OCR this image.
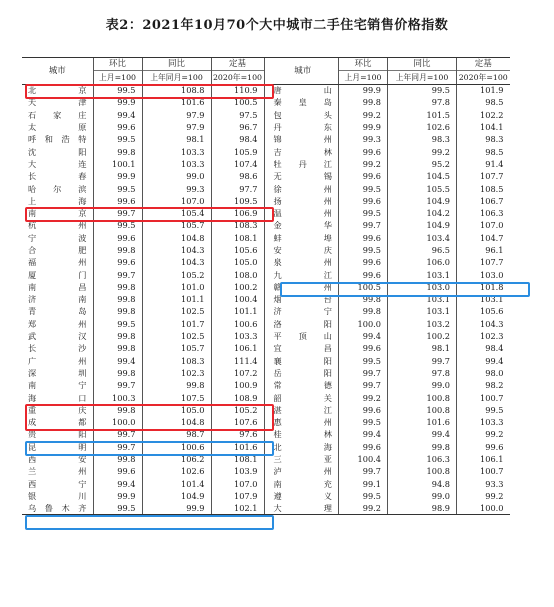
表2：2021年10月70个大中城市二手住宅销售价格指数
城市	环比	同比	定基		城市	环比	同比	定基
	上月=100	上年同月=100	2020年=100			上月=100	上年同月=100	2020年=100
北　京	99.5	108.8	110.9		唐　山	99.9	99.5	101.9
天　津	99.9	101.6	100.5		秦皇岛	99.8	97.8	98.5
石家庄	99.4	97.9	97.5		包　头	99.2	101.5	102.2
太　原	99.6	97.9	96.7		丹　东	99.9	102.6	104.1
呼和浩特	99.5	98.1	98.4		锦　州	99.3	98.3	98.3
沈　阳	99.8	103.3	105.9		吉　林	99.6	99.2	98.5
大　连	100.1	103.3	107.4		牡丹江	99.2	95.2	91.4
长　春	99.9	99.0	98.6		无　锡	99.6	104.5	107.7
哈尔滨	99.5	99.3	97.7		徐　州	99.5	105.5	108.5
上　海	99.6	107.0	109.5		扬　州	99.6	104.9	106.7
南　京	99.7	105.4	106.9		温　州	99.5	104.2	106.3
杭　州	99.5	105.7	108.3		金　华	99.7	104.9	107.0
宁　波	99.6	104.8	108.1		蚌　埠	99.6	103.4	104.7
合　肥	99.8	104.3	105.6		安　庆	99.5	96.5	96.1
福　州	99.6	104.3	105.0		泉　州	99.6	106.0	107.7
厦　门	99.7	105.2	108.0		九　江	99.6	103.1	103.0
南　昌	99.8	101.0	100.2		赣　州	100.5	103.0	101.8
济　南	99.8	101.1	100.4		烟　台	99.8	103.1	103.1
青　岛	99.8	102.5	101.1		济　宁	99.8	103.1	105.6
郑　州	99.5	101.7	100.6		洛　阳	100.0	103.2	104.3
武　汉	99.8	102.5	103.3		平顶山	99.4	100.2	102.3
长　沙	99.8	105.7	106.1		宜　昌	99.6	98.1	98.4
广　州	99.4	108.3	111.4		襄　阳	99.5	99.7	99.4
深　圳	99.8	102.3	107.2		岳　阳	99.7	97.8	98.0
南　宁	99.7	99.8	100.9		常　德	99.7	99.0	98.2
海　口	100.3	107.5	108.9		韶　关	99.2	100.8	100.7
重　庆	99.8	105.0	105.2		湛　江	99.6	100.8	99.5
成　都	100.0	104.8	107.6		惠　州	99.5	101.6	103.3
贵　阳	99.7	98.7	97.6		桂　林	99.4	99.4	99.2
昆　明	99.7	100.6	101.6		北　海	99.6	99.8	99.6
西　安	99.8	106.2	108.1		三　亚	100.4	106.3	106.1
兰　州	99.6	102.6	103.9		泸　州	99.7	100.8	100.7
西　宁	99.4	101.4	107.0		南　充	99.1	94.8	93.3
银　川	99.9	104.9	107.9		遵　义	99.5	99.0	99.2
乌鲁木齐	99.5	99.9	102.1		大　理	99.2	98.9	100.0
